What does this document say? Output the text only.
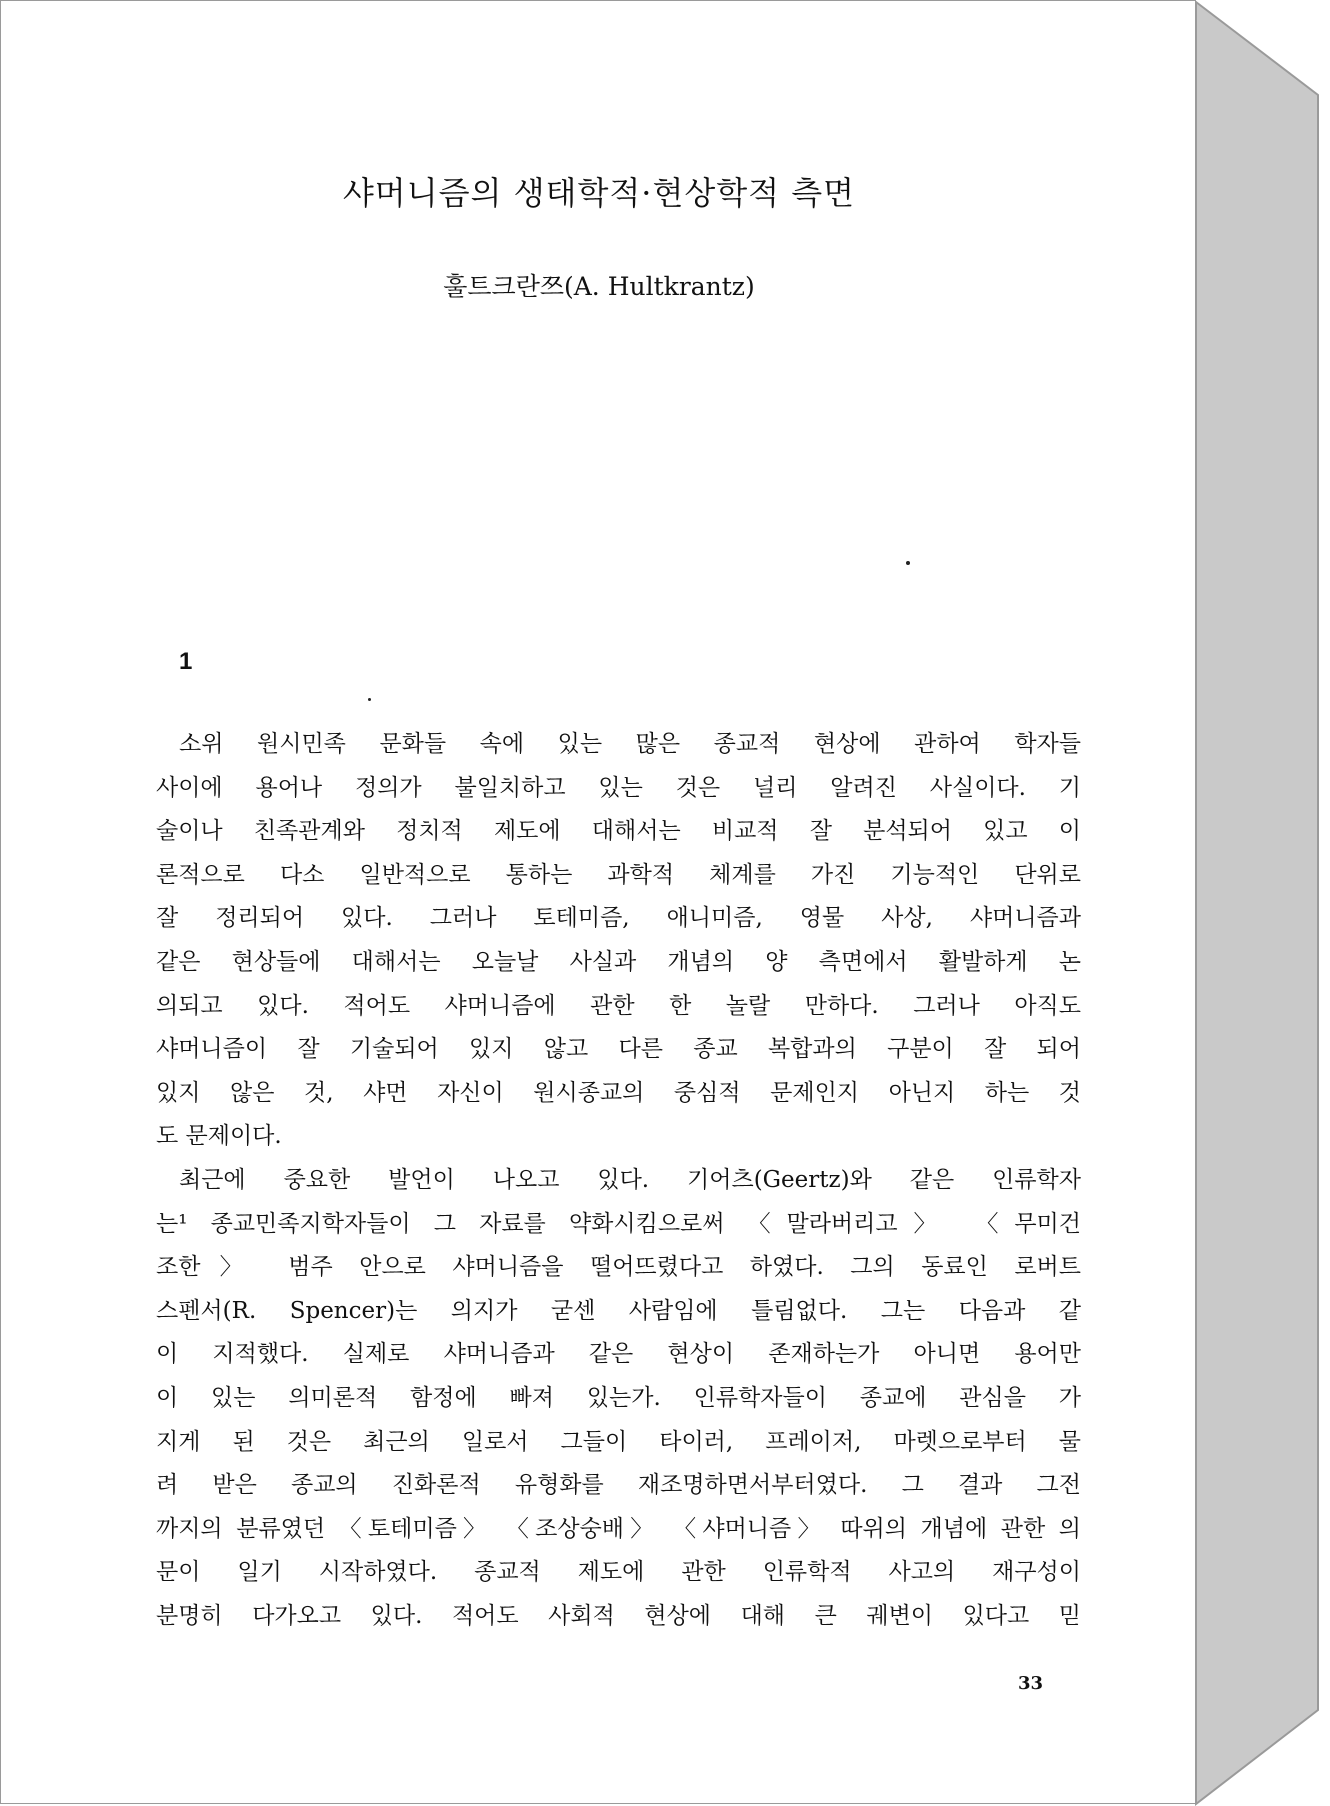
샤머니즘의 생태학적·현상학적 측면
훌트크란쯔(A. Hultkrantz)
1
소위 원시민족 문화들 속에 있는 많은 종교적 현상에 관하여 학자들
사이에 용어나 정의가 불일치하고 있는 것은 널리 알려진 사실이다. 기
술이나 친족관계와 정치적 제도에 대해서는 비교적 잘 분석되어 있고 이
론적으로 다소 일반적으로 통하는 과학적 체계를 가진 기능적인 단위로
잘 정리되어 있다. 그러나 토테미즘, 애니미즘, 영물 사상, 샤머니즘과
같은 현상들에 대해서는 오늘날 사실과 개념의 양 측면에서 활발하게 논
의되고 있다. 적어도 샤머니즘에 관한 한 놀랄 만하다. 그러나 아직도
샤머니즘이 잘 기술되어 있지 않고 다른 종교 복합과의 구분이 잘 되어
있지 않은 것, 샤먼 자신이 원시종교의 중심적 문제인지 아닌지 하는 것
도 문제이다.
최근에 중요한 발언이 나오고 있다. 기어츠(Geertz)와 같은 인류학자
는¹ 종교민족지학자들이 그 자료를 약화시킴으로써 〈말라버리고〉 〈무미건
조한〉 범주 안으로 샤머니즘을 떨어뜨렸다고 하였다. 그의 동료인 로버트
스펜서(R. Spencer)는 의지가 굳센 사람임에 틀림없다. 그는 다음과 같
이 지적했다. 실제로 샤머니즘과 같은 현상이 존재하는가 아니면 용어만
이 있는 의미론적 함정에 빠져 있는가. 인류학자들이 종교에 관심을 가
지게 된 것은 최근의 일로서 그들이 타이러, 프레이저, 마렛으로부터 물
려 받은 종교의 진화론적 유형화를 재조명하면서부터였다. 그 결과 그전
까지의 분류였던 〈토테미즘〉 〈조상숭배〉 〈샤머니즘〉 따위의 개념에 관한 의
문이 일기 시작하였다. 종교적 제도에 관한 인류학적 사고의 재구성이
분명히 다가오고 있다. 적어도 사회적 현상에 대해 큰 궤변이 있다고 믿
33
